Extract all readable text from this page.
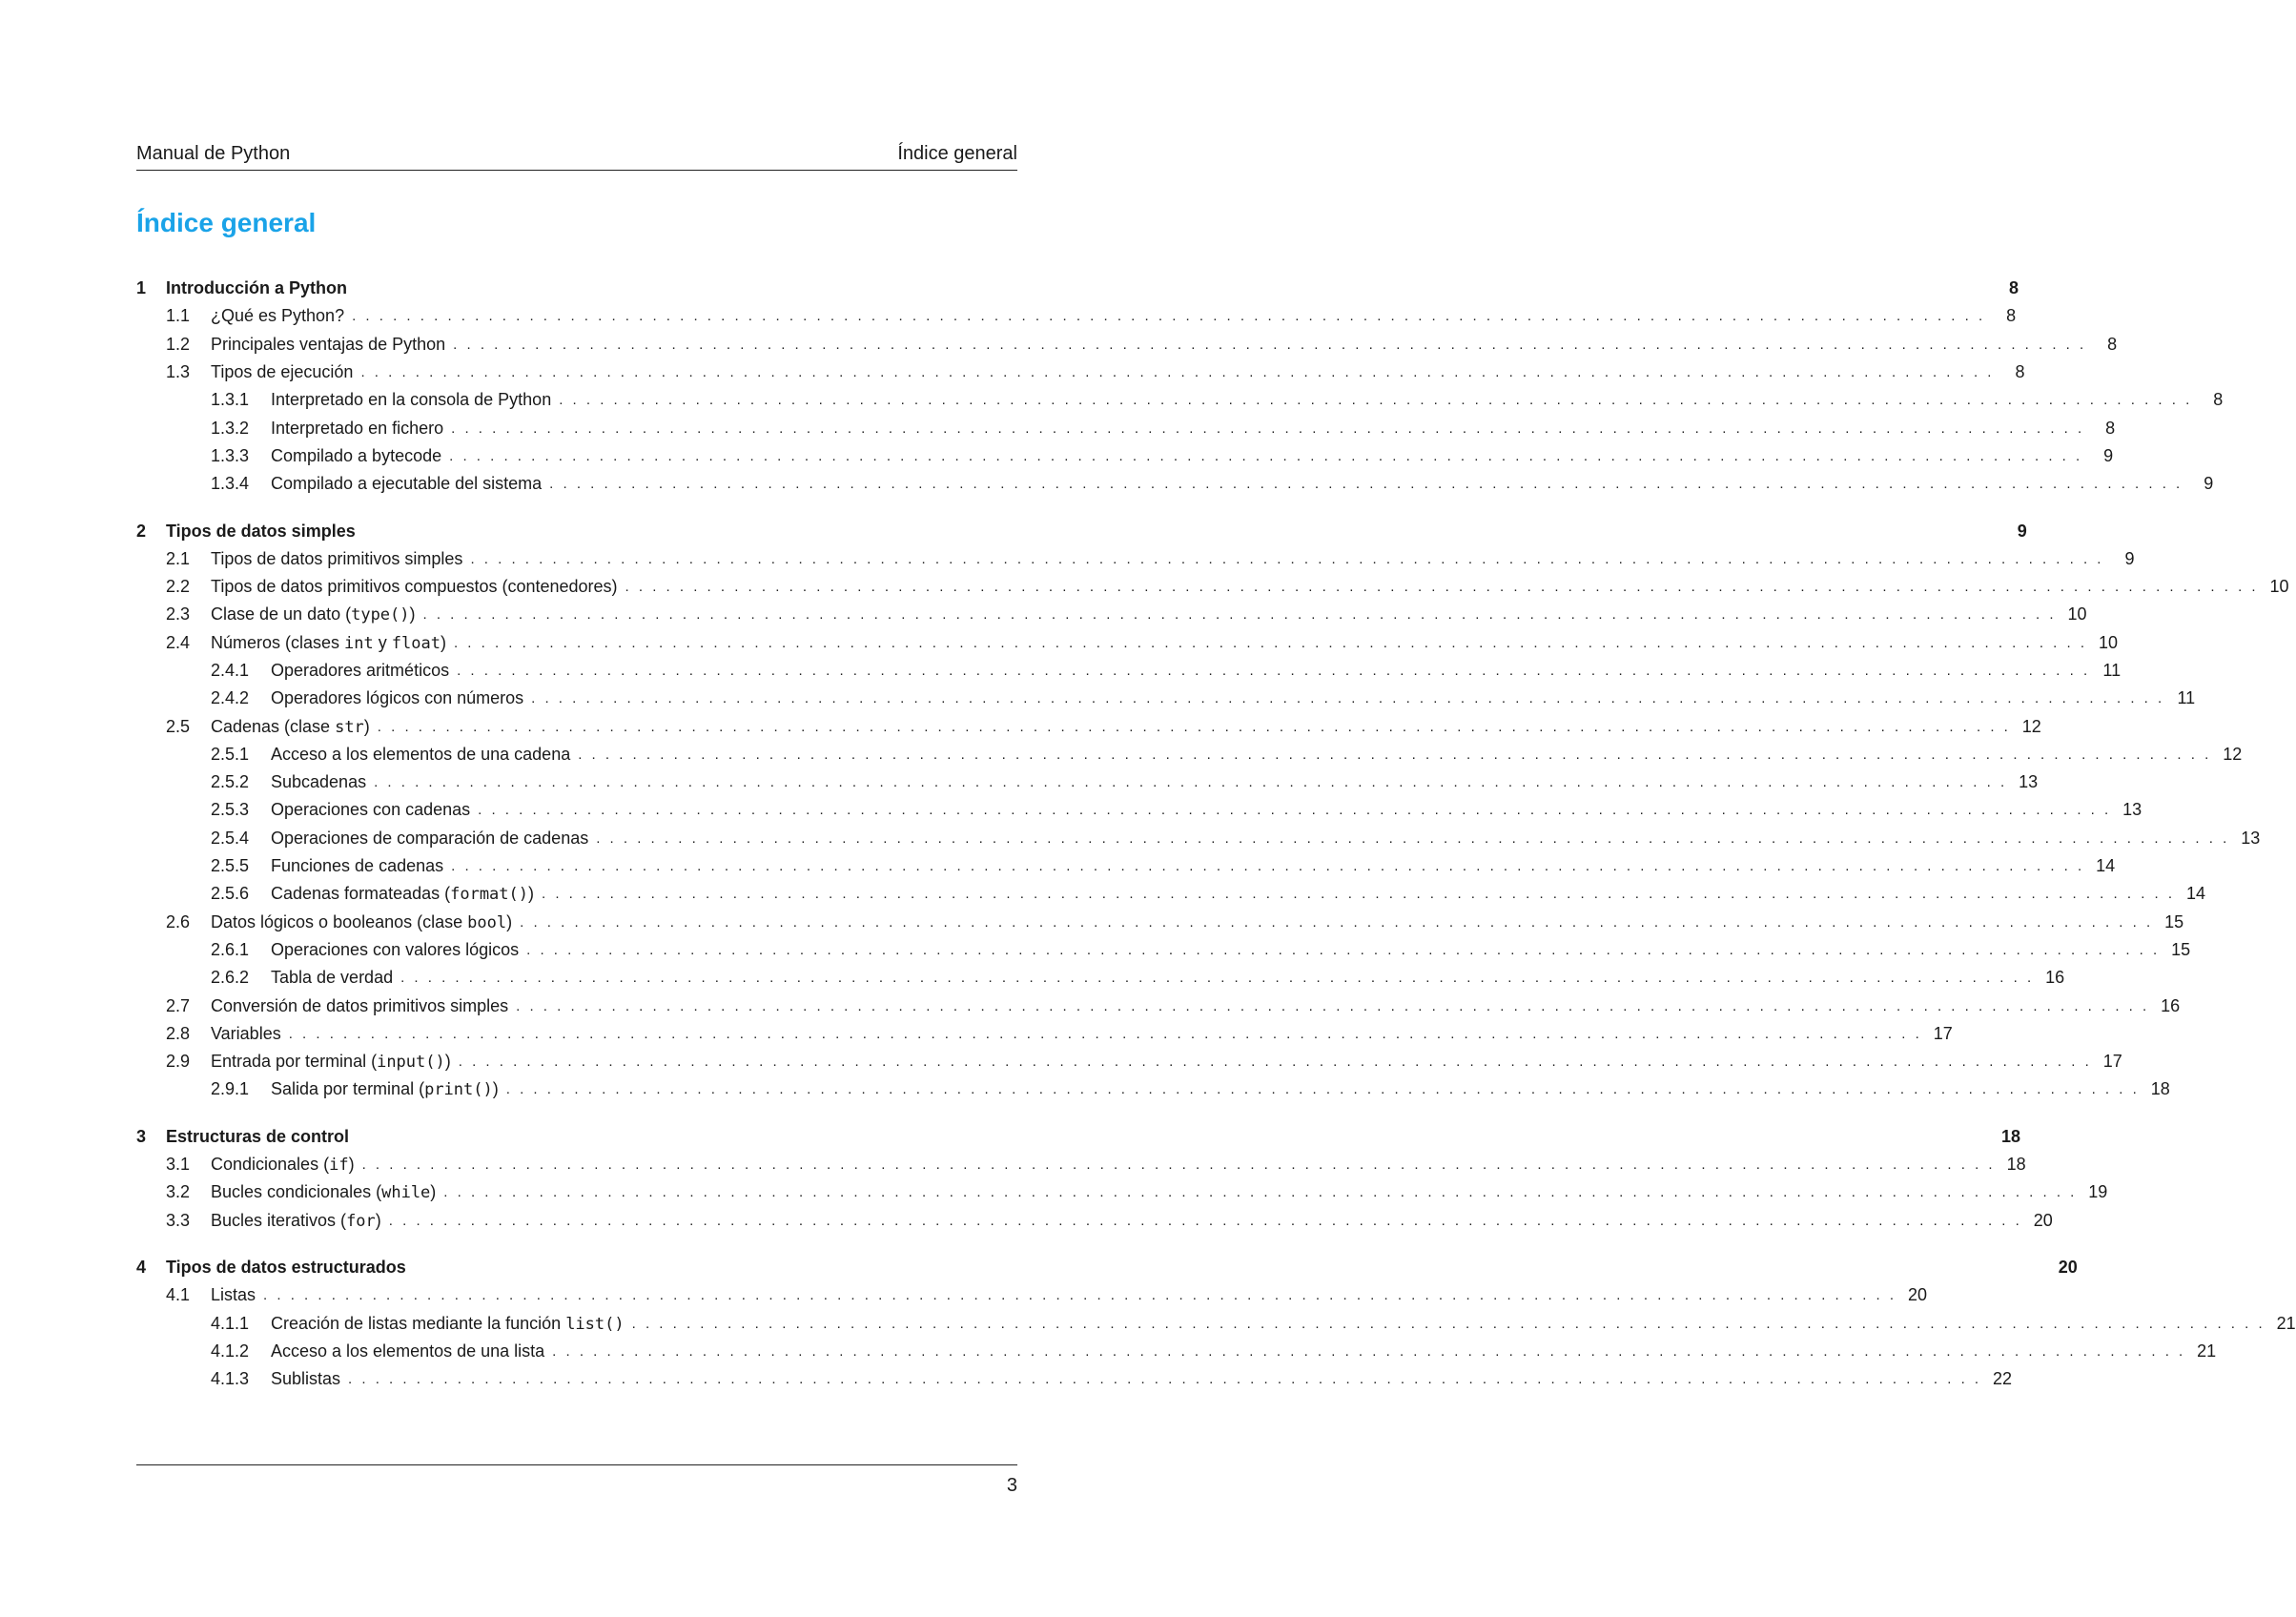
Manual de Python	Índice general
Índice general
1	Introducción a Python	8
1.1	¿Qué es Python? . . . . . . . . . . . . . . . . . . . . . . . . . . . . . . . . . . . . . . . . . . . . . . . . . . . . . . . . . . . . . . . . . . . . . . . . . . . . . . . . . . . . . . . . . . . . . . . . . . . . . . . . . . . . . . . . . . . . . . . .	8
1.2	Principales ventajas de Python . . . . . . . . . . . . . . . . . . . . . . . . . . . . . . . . . . . . . . . . . . . . . . . . . . . . . . . . . . . . . . . . . . . . . . . . . . . . . . . . . . . . . . . . . . . . . . . . . . . . . . . . . . . . . . . . . . . . . . . .	8
1.3	Tipos de ejecución . . . . . . . . . . . . . . . . . . . . . . . . . . . . . . . . . . . . . . . . . . . . . . . . . . . . . . . . . . . . . . . . . . . . . . . . . . . . . . . . . . . . . . . . . . . . . . . . . . . . . . . . . . . . . . . . . . . . . . . .	8
1.3.1	Interpretado en la consola de Python . . . . . . . . . . . . . . . . . . . . . . . . . . . . . . . . . . . . . . . . . . . . . . . . . . . . . . . . . . . . . . . . . . . . . . . . . . . . . . . . . . . . . . . . . . . . . . . . . . . . . . . . . . . . . . . . . . . . . . . .	8
1.3.2	Interpretado en fichero . . . . . . . . . . . . . . . . . . . . . . . . . . . . . . . . . . . . . . . . . . . . . . . . . . . . . . . . . . . . . . . . . . . . . . . . . . . . . . . . . . . . . . . . . . . . . . . . . . . . . . . . . . . . . . . . . . . . . . . .	8
1.3.3	Compilado a bytecode . . . . . . . . . . . . . . . . . . . . . . . . . . . . . . . . . . . . . . . . . . . . . . . . . . . . . . . . . . . . . . . . . . . . . . . . . . . . . . . . . . . . . . . . . . . . . . . . . . . . . . . . . . . . . . . . . . . . . . . .	9
1.3.4	Compilado a ejecutable del sistema . . . . . . . . . . . . . . . . . . . . . . . . . . . . . . . . . . . . . . . . . . . . . . . . . . . . . . . . . . . . . . . . . . . . . . . . . . . . . . . . . . . . . . . . . . . . . . . . . . . . . . . . . . . . . . . . . . . . . . . .	9
2	Tipos de datos simples	9
2.1	Tipos de datos primitivos simples . . . . . . . . . . . . . . . . . . . . . . . . . . . . . . . . . . . . . . . . . . . . . . . . . . . . . . . . . . . . . . . . . . . . . . . . . . . . . . . . . . . . . . . . . . . . . . . . . . . . . . . . . . . . . . . . . . . . . . . .	9
2.2	Tipos de datos primitivos compuestos (contenedores) . . . . . . . . . . . . . . . . . . . . . . . . . . . . . . . . . . . . . . . . . . . . . . . . . . . . . . . . . . . . . . . . . . . . . . . . . . . . . . . . . . . . . . . . . . . . . . . . . . . . . . . . . . . . . . . . . . . . . . . . 10
2.3	Clase de un dato (type()) . . . . . . . . . . . . . . . . . . . . . . . . . . . . . . . . . . . . . . . . . . . . . . . . . . . . . . . . . . . . . . . . . . . . . . . . . . . . . . . . . . . . . . . . . . . . . . . . . . . . . . . . . . . . . . . . . . . . . . . . 10
2.4	Números (clases int y float) . . . . . . . . . . . . . . . . . . . . . . . . . . . . . . . . . . . . . . . . . . . . . . . . . . . . . . . . . . . . . . . . . . . . . . . . . . . . . . . . . . . . . . . . . . . . . . . . . . . . . . . . . . . . . . . . . . . . . . . . 10
2.4.1	Operadores aritméticos . . . . . . . . . . . . . . . . . . . . . . . . . . . . . . . . . . . . . . . . . . . . . . . . . . . . . . . . . . . . . . . . . . . . . . . . . . . . . . . . . . . . . . . . . . . . . . . . . . . . . . . . . . . . . . . . . . . . . . . . 11
2.4.2	Operadores lógicos con números . . . . . . . . . . . . . . . . . . . . . . . . . . . . . . . . . . . . . . . . . . . . . . . . . . . . . . . . . . . . . . . . . . . . . . . . . . . . . . . . . . . . . . . . . . . . . . . . . . . . . . . . . . . . . . . . . . . . . . . . 11
2.5	Cadenas (clase str) . . . . . . . . . . . . . . . . . . . . . . . . . . . . . . . . . . . . . . . . . . . . . . . . . . . . . . . . . . . . . . . . . . . . . . . . . . . . . . . . . . . . . . . . . . . . . . . . . . . . . . . . . . . . . . . . . . . . . . . . 12
2.5.1	Acceso a los elementos de una cadena . . . . . . . . . . . . . . . . . . . . . . . . . . . . . . . . . . . . . . . . . . . . . . . . . . . . . . . . . . . . . . . . . . . . . . . . . . . . . . . . . . . . . . . . . . . . . . . . . . . . . . . . . . . . . . . . . . . . . . . . 12
2.5.2	Subcadenas . . . . . . . . . . . . . . . . . . . . . . . . . . . . . . . . . . . . . . . . . . . . . . . . . . . . . . . . . . . . . . . . . . . . . . . . . . . . . . . . . . . . . . . . . . . . . . . . . . . . . . . . . . . . . . . . . . . . . . . . 13
2.5.3	Operaciones con cadenas . . . . . . . . . . . . . . . . . . . . . . . . . . . . . . . . . . . . . . . . . . . . . . . . . . . . . . . . . . . . . . . . . . . . . . . . . . . . . . . . . . . . . . . . . . . . . . . . . . . . . . . . . . . . . . . . . . . . . . . . 13
2.5.4	Operaciones de comparación de cadenas . . . . . . . . . . . . . . . . . . . . . . . . . . . . . . . . . . . . . . . . . . . . . . . . . . . . . . . . . . . . . . . . . . . . . . . . . . . . . . . . . . . . . . . . . . . . . . . . . . . . . . . . . . . . . . . . . . . . . . . . 13
2.5.5	Funciones de cadenas . . . . . . . . . . . . . . . . . . . . . . . . . . . . . . . . . . . . . . . . . . . . . . . . . . . . . . . . . . . . . . . . . . . . . . . . . . . . . . . . . . . . . . . . . . . . . . . . . . . . . . . . . . . . . . . . . . . . . . . . 14
2.5.6	Cadenas formateadas (format()) . . . . . . . . . . . . . . . . . . . . . . . . . . . . . . . . . . . . . . . . . . . . . . . . . . . . . . . . . . . . . . . . . . . . . . . . . . . . . . . . . . . . . . . . . . . . . . . . . . . . . . . . . . . . . . . . . . . . . . . . 14
2.6	Datos lógicos o booleanos (clase bool) . . . . . . . . . . . . . . . . . . . . . . . . . . . . . . . . . . . . . . . . . . . . . . . . . . . . . . . . . . . . . . . . . . . . . . . . . . . . . . . . . . . . . . . . . . . . . . . . . . . . . . . . . . . . . . . . . . . . . . . . 15
2.6.1	Operaciones con valores lógicos . . . . . . . . . . . . . . . . . . . . . . . . . . . . . . . . . . . . . . . . . . . . . . . . . . . . . . . . . . . . . . . . . . . . . . . . . . . . . . . . . . . . . . . . . . . . . . . . . . . . . . . . . . . . . . . . . . . . . . . . 15
2.6.2	Tabla de verdad . . . . . . . . . . . . . . . . . . . . . . . . . . . . . . . . . . . . . . . . . . . . . . . . . . . . . . . . . . . . . . . . . . . . . . . . . . . . . . . . . . . . . . . . . . . . . . . . . . . . . . . . . . . . . . . . . . . . . . . . 16
2.7	Conversión de datos primitivos simples . . . . . . . . . . . . . . . . . . . . . . . . . . . . . . . . . . . . . . . . . . . . . . . . . . . . . . . . . . . . . . . . . . . . . . . . . . . . . . . . . . . . . . . . . . . . . . . . . . . . . . . . . . . . . . . . . . . . . . . . 16
2.8	Variables . . . . . . . . . . . . . . . . . . . . . . . . . . . . . . . . . . . . . . . . . . . . . . . . . . . . . . . . . . . . . . . . . . . . . . . . . . . . . . . . . . . . . . . . . . . . . . . . . . . . . . . . . . . . . . . . . . . . . . . . 17
2.9	Entrada por terminal (input()) . . . . . . . . . . . . . . . . . . . . . . . . . . . . . . . . . . . . . . . . . . . . . . . . . . . . . . . . . . . . . . . . . . . . . . . . . . . . . . . . . . . . . . . . . . . . . . . . . . . . . . . . . . . . . . . . . . . . . . . . 17
2.9.1	Salida por terminal (print()) . . . . . . . . . . . . . . . . . . . . . . . . . . . . . . . . . . . . . . . . . . . . . . . . . . . . . . . . . . . . . . . . . . . . . . . . . . . . . . . . . . . . . . . . . . . . . . . . . . . . . . . . . . . . . . . . . . . . . . . . 18
3	Estructuras de control	18
3.1	Condicionales (if) . . . . . . . . . . . . . . . . . . . . . . . . . . . . . . . . . . . . . . . . . . . . . . . . . . . . . . . . . . . . . . . . . . . . . . . . . . . . . . . . . . . . . . . . . . . . . . . . . . . . . . . . . . . . . . . . . . . . . . . . 18
3.2	Bucles condicionales (while) . . . . . . . . . . . . . . . . . . . . . . . . . . . . . . . . . . . . . . . . . . . . . . . . . . . . . . . . . . . . . . . . . . . . . . . . . . . . . . . . . . . . . . . . . . . . . . . . . . . . . . . . . . . . . . . . . . . . . . . . 19
3.3	Bucles iterativos (for) . . . . . . . . . . . . . . . . . . . . . . . . . . . . . . . . . . . . . . . . . . . . . . . . . . . . . . . . . . . . . . . . . . . . . . . . . . . . . . . . . . . . . . . . . . . . . . . . . . . . . . . . . . . . . . . . . . . . . . . . 20
4	Tipos de datos estructurados	20
4.1	Listas . . . . . . . . . . . . . . . . . . . . . . . . . . . . . . . . . . . . . . . . . . . . . . . . . . . . . . . . . . . . . . . . . . . . . . . . . . . . . . . . . . . . . . . . . . . . . . . . . . . . . . . . . . . . . . . . . . . . . . . . 20
4.1.1	Creación de listas mediante la función list() . . . . . . . . . . . . . . . . . . . . . . . . . . . . . . . . . . . . . . . . . . . . . . . . . . . . . . . . . . . . . . . . . . . . . . . . . . . . . . . . . . . . . . . . . . . . . . . . . . . . . . . . . . . . . . . . . . . . . . . . 21
4.1.2	Acceso a los elementos de una lista . . . . . . . . . . . . . . . . . . . . . . . . . . . . . . . . . . . . . . . . . . . . . . . . . . . . . . . . . . . . . . . . . . . . . . . . . . . . . . . . . . . . . . . . . . . . . . . . . . . . . . . . . . . . . . . . . . . . . . . . 21
4.1.3	Sublistas . . . . . . . . . . . . . . . . . . . . . . . . . . . . . . . . . . . . . . . . . . . . . . . . . . . . . . . . . . . . . . . . . . . . . . . . . . . . . . . . . . . . . . . . . . . . . . . . . . . . . . . . . . . . . . . . . . . . . . . . 22
3
